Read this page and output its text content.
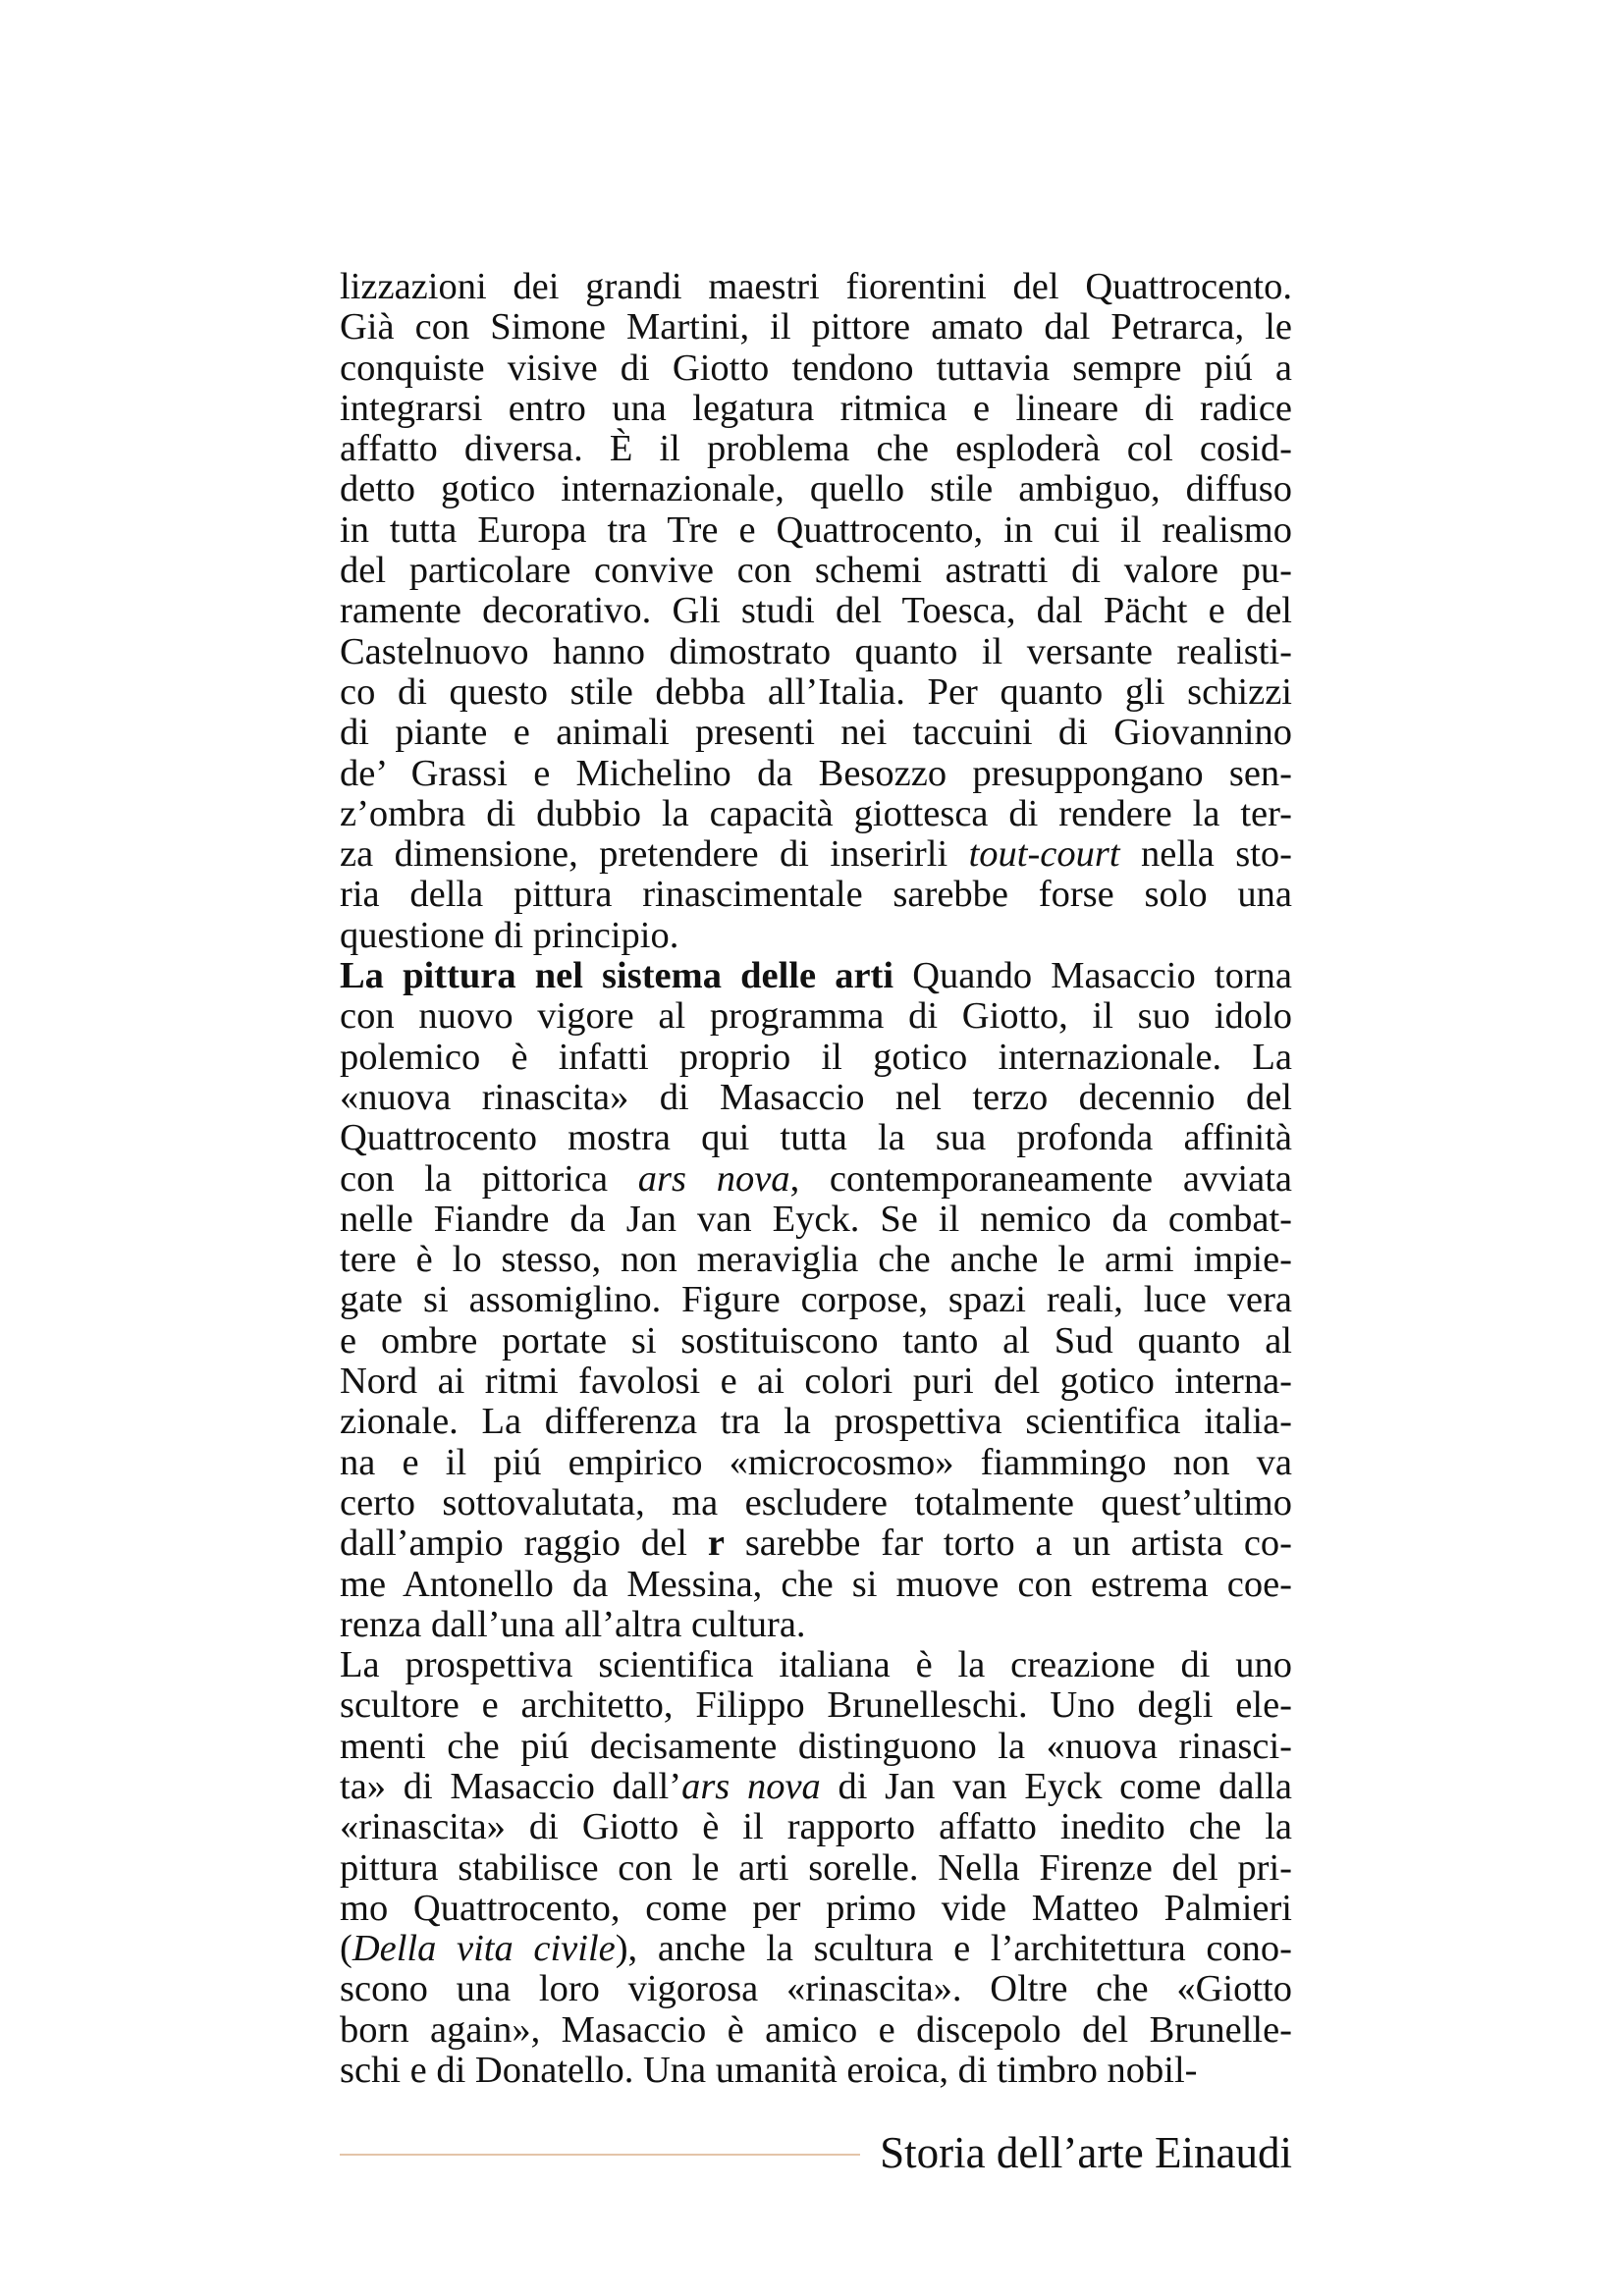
lizzazioni dei grandi maestri fiorentini del Quattrocento.
Già con Simone Martini, il pittore amato dal Petrarca, le
conquiste visive di Giotto tendono tuttavia sempre piú a
integrarsi entro una legatura ritmica e lineare di radice
affatto diversa. È il problema che esploderà col cosid-
detto gotico internazionale, quello stile ambiguo, diffuso
in tutta Europa tra Tre e Quattrocento, in cui il realismo
del particolare convive con schemi astratti di valore pu-
ramente decorativo. Gli studi del Toesca, dal Pächt e del
Castelnuovo hanno dimostrato quanto il versante realisti-
co di questo stile debba all’Italia. Per quanto gli schizzi
di piante e animali presenti nei taccuini di Giovannino
de’ Grassi e Michelino da Besozzo presuppongano sen-
z’ombra di dubbio la capacità giottesca di rendere la ter-
za dimensione, pretendere di inserirli tout-court nella sto-
ria della pittura rinascimentale sarebbe forse solo una
questione di principio.
La pittura nel sistema delle arti Quando Masaccio torna
con nuovo vigore al programma di Giotto, il suo idolo
polemico è infatti proprio il gotico internazionale. La
«nuova rinascita» di Masaccio nel terzo decennio del
Quattrocento mostra qui tutta la sua profonda affinità
con la pittorica ars nova, contemporaneamente avviata
nelle Fiandre da Jan van Eyck. Se il nemico da combat-
tere è lo stesso, non meraviglia che anche le armi impie-
gate si assomiglino. Figure corpose, spazi reali, luce vera
e ombre portate si sostituiscono tanto al Sud quanto al
Nord ai ritmi favolosi e ai colori puri del gotico interna-
zionale. La differenza tra la prospettiva scientifica italia-
na e il piú empirico «microcosmo» fiammingo non va
certo sottovalutata, ma escludere totalmente quest’ultimo
dall’ampio raggio del r sarebbe far torto a un artista co-
me Antonello da Messina, che si muove con estrema coe-
renza dall’una all’altra cultura.
La prospettiva scientifica italiana è la creazione di uno
scultore e architetto, Filippo Brunelleschi. Uno degli ele-
menti che piú decisamente distinguono la «nuova rinasci-
ta» di Masaccio dall’ars nova di Jan van Eyck come dalla
«rinascita» di Giotto è il rapporto affatto inedito che la
pittura stabilisce con le arti sorelle. Nella Firenze del pri-
mo Quattrocento, come per primo vide Matteo Palmieri
(Della vita civile), anche la scultura e l’architettura cono-
scono una loro vigorosa «rinascita». Oltre che «Giotto
born again», Masaccio è amico e discepolo del Brunelle-
schi e di Donatello. Una umanità eroica, di timbro nobil-
Storia dell’arte Einaudi
